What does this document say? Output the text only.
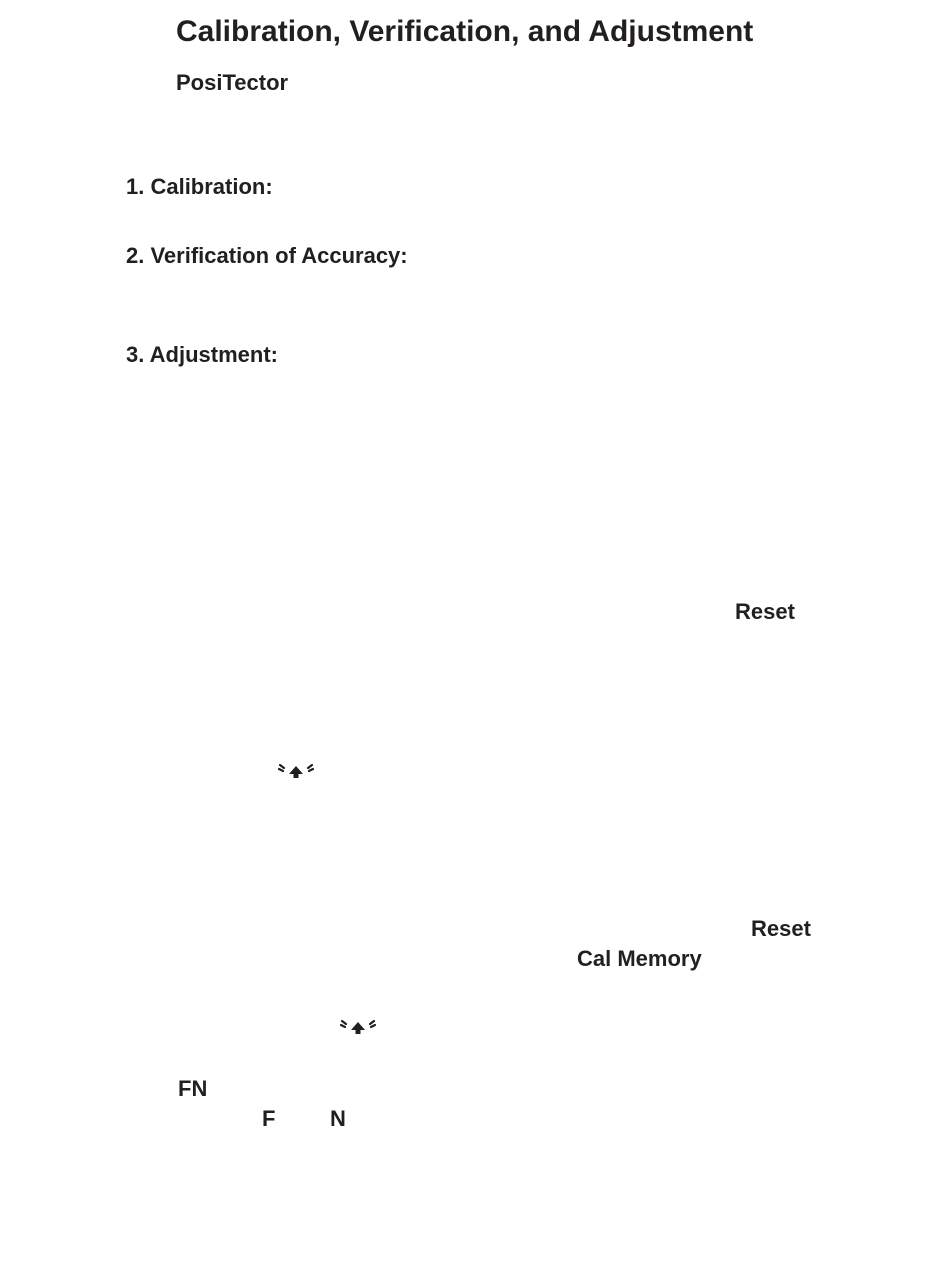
Calibration, Verification, and Adjustment
PosiTector
1. Calibration:
2. Verification of Accuracy:
3. Adjustment:
Reset
Reset
Cal Memory
FN
F N
